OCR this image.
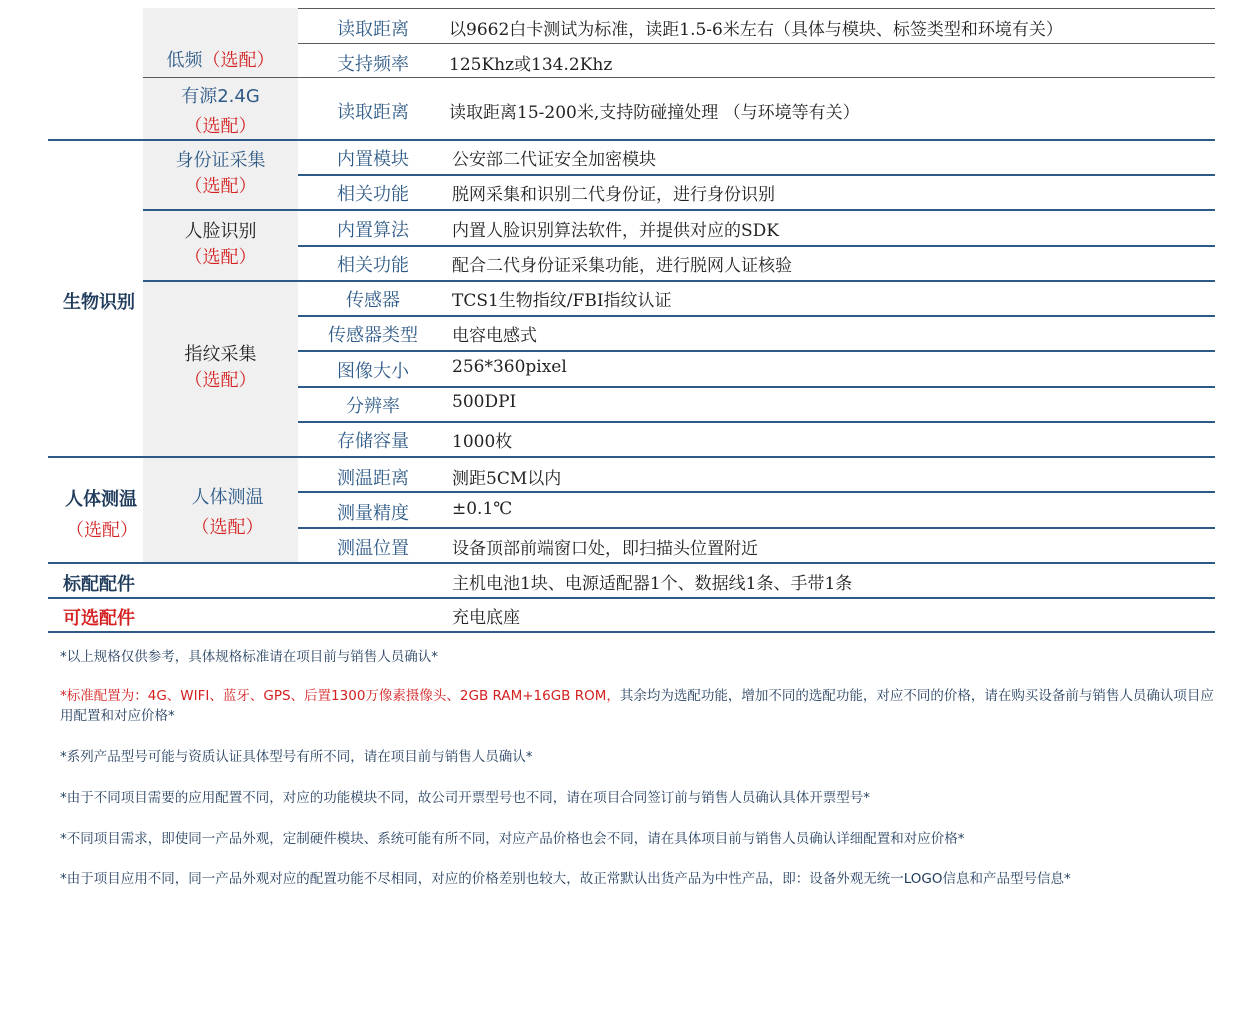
生物识别
人体测温
（选配）
标配配件
可选配件
低频（选配）
有源2.4G
（选配）
身份证采集
（选配）
人脸识别
（选配）
指纹采集
（选配）
人体测温
（选配）
读取距离
支持频率
读取距离
内置模块
相关功能
内置算法
相关功能
传感器
传感器类型
图像大小
分辨率
存储容量
测温距离
测量精度
测温位置
以9662白卡测试为标准，读距1.5-6米左右（具体与模块、标签类型和环境有关）
125Khz或134.2Khz
读取距离15-200米,支持防碰撞处理 （与环境等有关）
公安部二代证安全加密模块
脱网采集和识别二代身份证，进行身份识别
内置人脸识别算法软件，并提供对应的SDK
配合二代身份证采集功能，进行脱网人证核验
TCS1生物指纹/FBI指纹认证
电容电感式
256*360pixel
500DPI
1000枚
测距5CM以内
±0.1℃
设备顶部前端窗口处，即扫描头位置附近
主机电池1块、电源适配器1个、数据线1条、手带1条
充电底座
*以上规格仅供参考，具体规格标准请在项目前与销售人员确认*
*标准配置为：4G、WIFI、蓝牙、GPS、后置1300万像素摄像头、2GB RAM+16GB ROM，其余均为选配功能，增加不同的选配功能，对应不同的价格，请在购买设备前与销售人员确认项目应用配置和对应价格*
*系列产品型号可能与资质认证具体型号有所不同，请在项目前与销售人员确认*
*由于不同项目需要的应用配置不同，对应的功能模块不同，故公司开票型号也不同，请在项目合同签订前与销售人员确认具体开票型号*
*不同项目需求，即使同一产品外观，定制硬件模块、系统可能有所不同，对应产品价格也会不同，请在具体项目前与销售人员确认详细配置和对应价格*
*由于项目应用不同，同一产品外观对应的配置功能不尽相同，对应的价格差别也较大，故正常默认出货产品为中性产品，即：设备外观无统一LOGO信息和产品型号信息*
